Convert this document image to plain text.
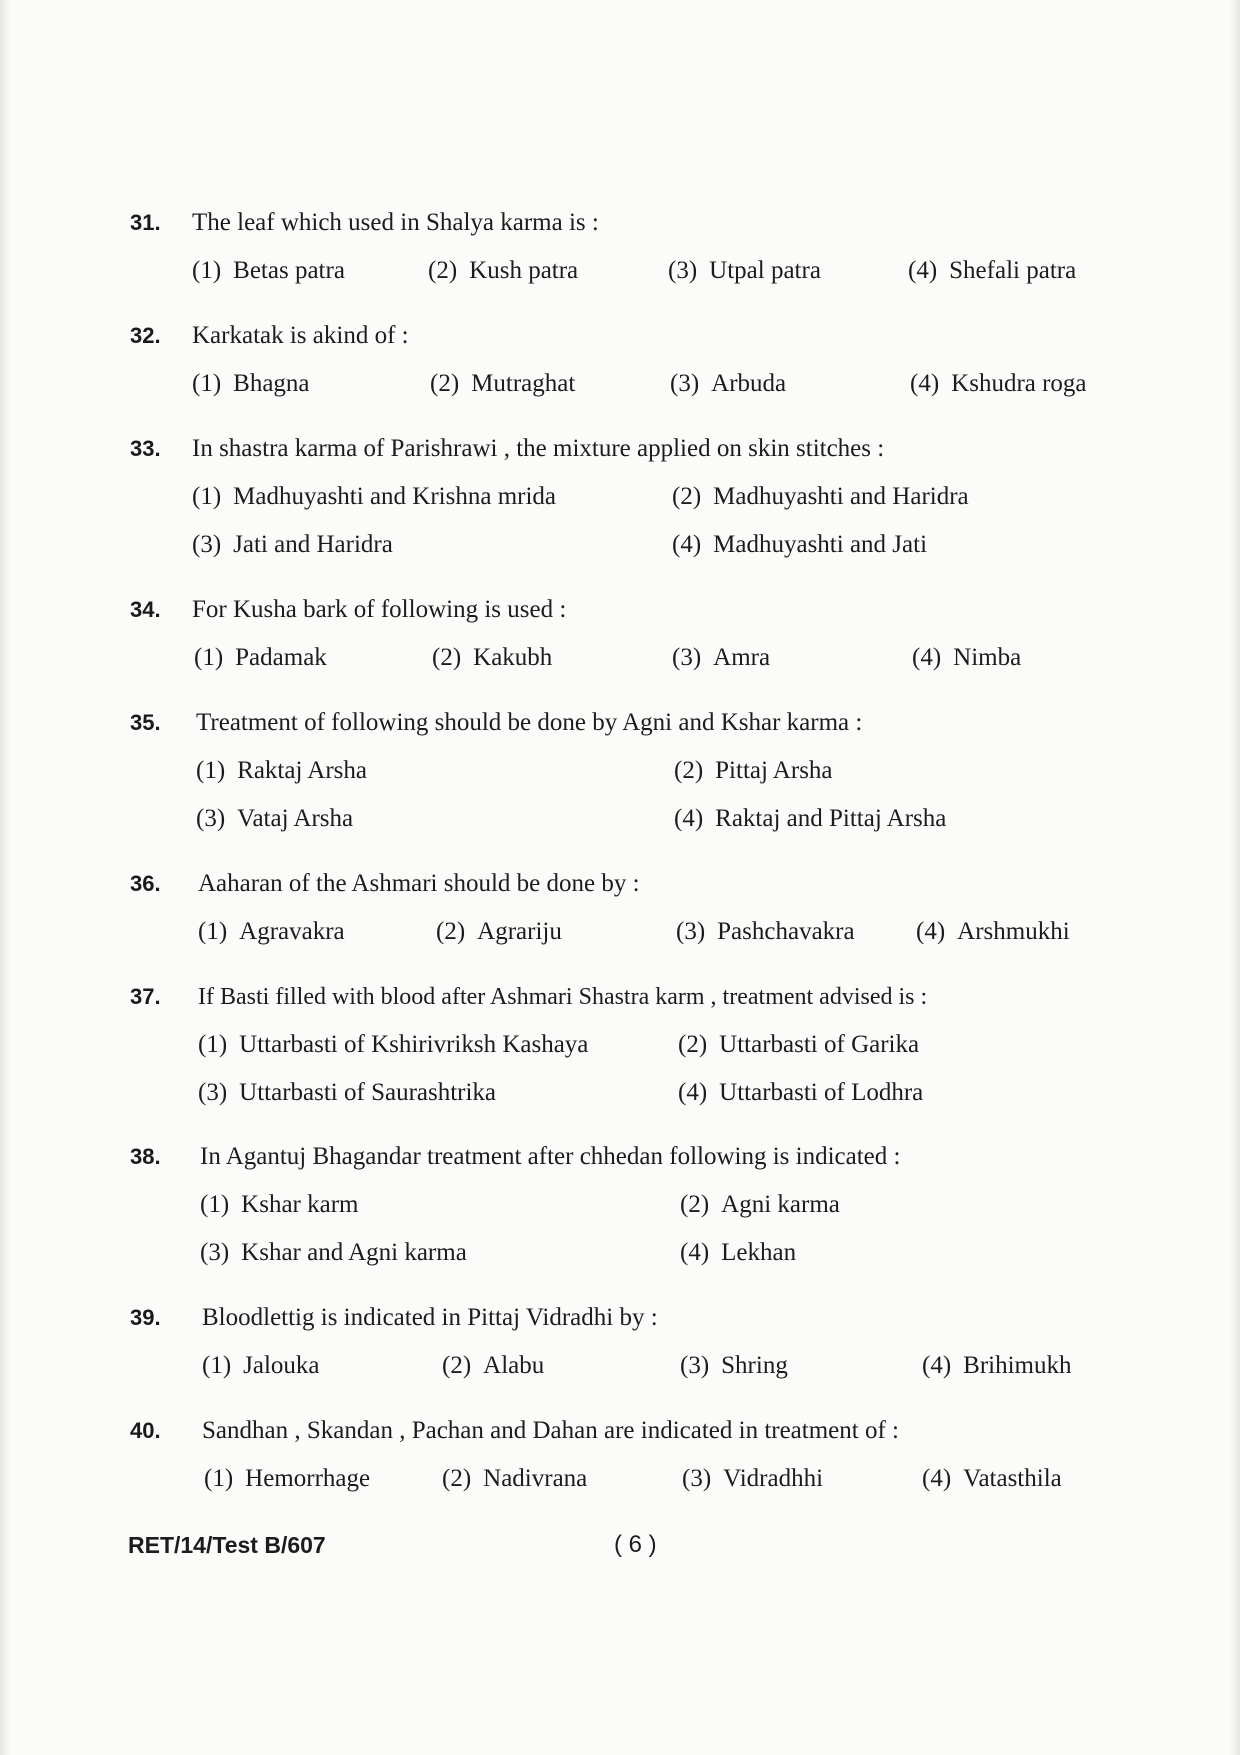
31. The leaf which used in Shalya karma is :
(1) Betas patra	(2) Kush patra	(3) Utpal patra	(4) Shefali patra
32. Karkatak is akind of :
(1) Bhagna	(2) Mutraghat	(3) Arbuda	(4) Kshudra roga
33. In shastra karma of Parishrawi , the mixture applied on skin stitches :
(1) Madhuyashti and Krishna mrida	(2) Madhuyashti and Haridra
(3) Jati and Haridra	(4) Madhuyashti and Jati
34. For Kusha bark of following is used :
(1) Padamak	(2) Kakubh	(3) Amra	(4) Nimba
35. Treatment of following should be done by Agni and Kshar karma :
(1) Raktaj Arsha	(2) Pittaj Arsha
(3) Vataj Arsha	(4) Raktaj and Pittaj Arsha
36. Aaharan of the Ashmari should be done by :
(1) Agravakra	(2) Agrariju	(3) Pashchavakra (4) Arshmukhi
37. If Basti filled with blood after Ashmari Shastra karm , treatment advised is :
(1) Uttarbasti of Kshirivriksh Kashaya	(2) Uttarbasti of Garika
(3) Uttarbasti of Saurashtrika	(4) Uttarbasti of Lodhra
38. In Agantuj Bhagandar treatment after chhedan following is indicated :
(1) Kshar karm	(2) Agni karma
(3) Kshar and Agni karma	(4) Lekhan
39. Bloodlettig is indicated in Pittaj Vidradhi by :
(1) Jalouka	(2) Alabu	(3) Shring	(4) Brihimukh
40. Sandhan , Skandan , Pachan and Dahan are indicated in treatment of :
(1) Hemorrhage	(2) Nadivrana	(3) Vidradhhi	(4) Vatasthila
RET/14/Test B/607	( 6 )
